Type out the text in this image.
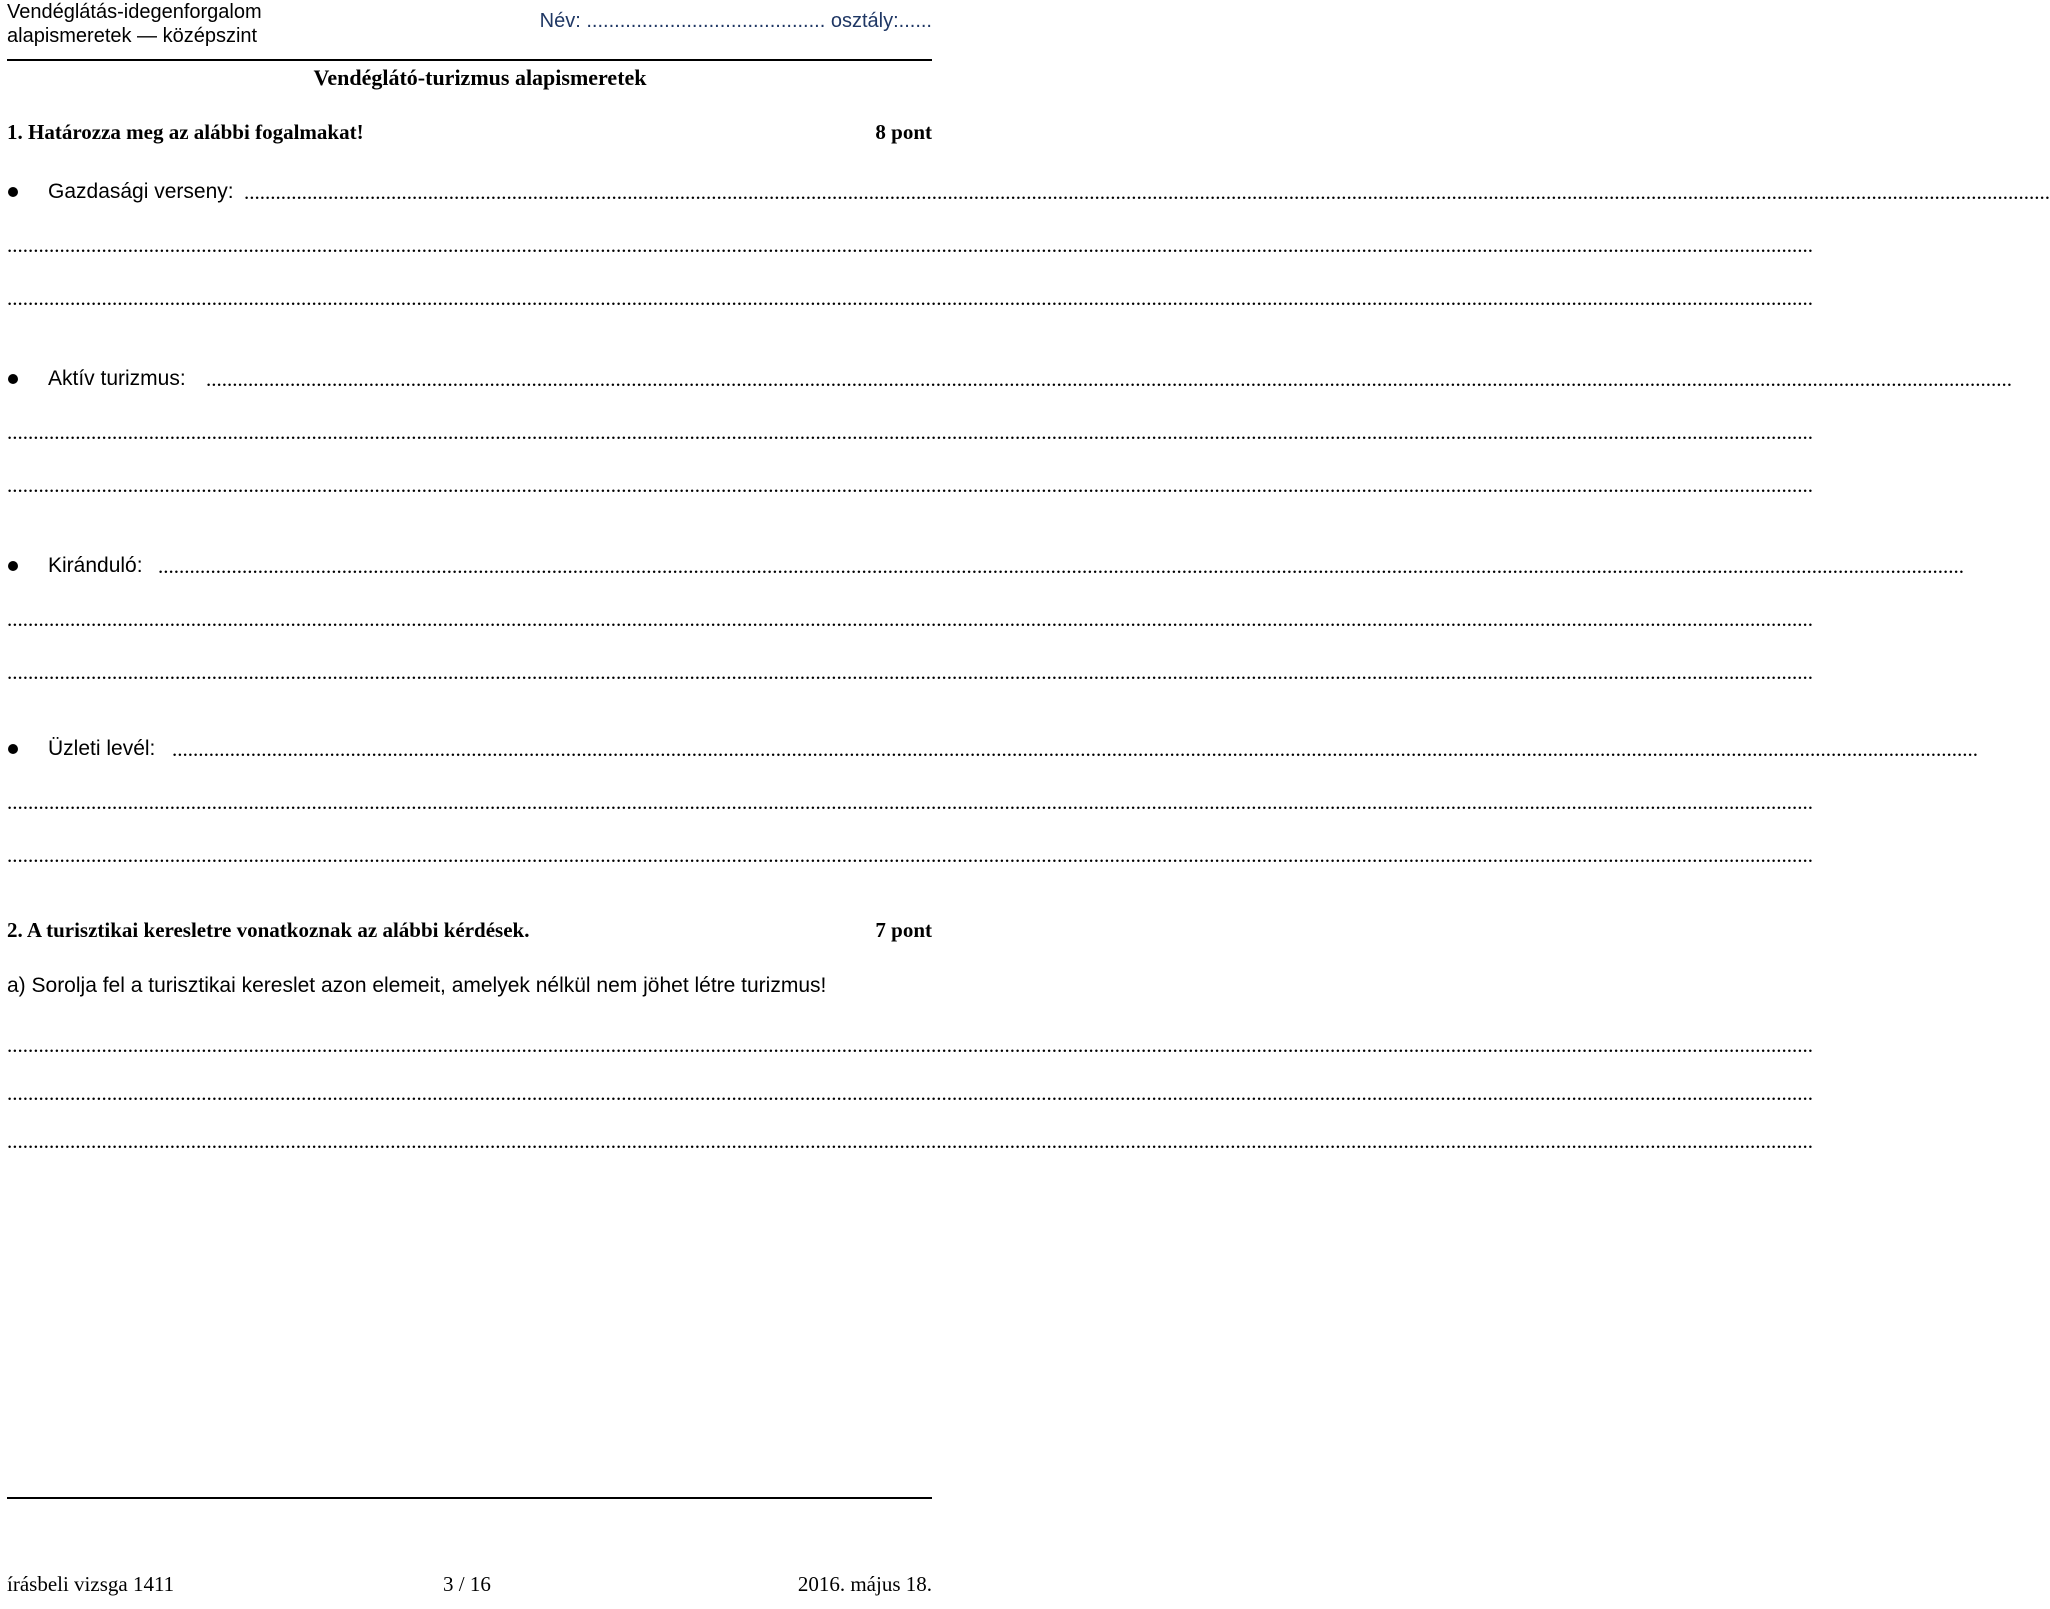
Vendéglátás-idegenforgalom
alapismeretek — középszint
Név: ........................................... osztály:......
Vendéglátó-turizmus alapismeretek
1. Határozza meg az alábbi fogalmakat!	8 pont
Gazdasági verseny: ........................................................................................................................................................................................................................................................................................................................................................
........................................................................................................................................................................................................................................................................................................................................................
........................................................................................................................................................................................................................................................................................................................................................
Aktív turizmus: ........................................................................................................................................................................................................................................................................................................................................................
........................................................................................................................................................................................................................................................................................................................................................
........................................................................................................................................................................................................................................................................................................................................................
Kiránduló: ........................................................................................................................................................................................................................................................................................................................................................
........................................................................................................................................................................................................................................................................................................................................................
........................................................................................................................................................................................................................................................................................................................................................
Üzleti levél: ........................................................................................................................................................................................................................................................................................................................................................
........................................................................................................................................................................................................................................................................................................................................................
........................................................................................................................................................................................................................................................................................................................................................
2. A turisztikai keresletre vonatkoznak az alábbi kérdések.	7 pont
a) Sorolja fel a turisztikai kereslet azon elemeit, amelyek nélkül nem jöhet létre turizmus!
........................................................................................................................................................................................................................................................................................................................................................
........................................................................................................................................................................................................................................................................................................................................................
........................................................................................................................................................................................................................................................................................................................................................
írásbeli vizsga 1411	3 / 16	2016. május 18.
